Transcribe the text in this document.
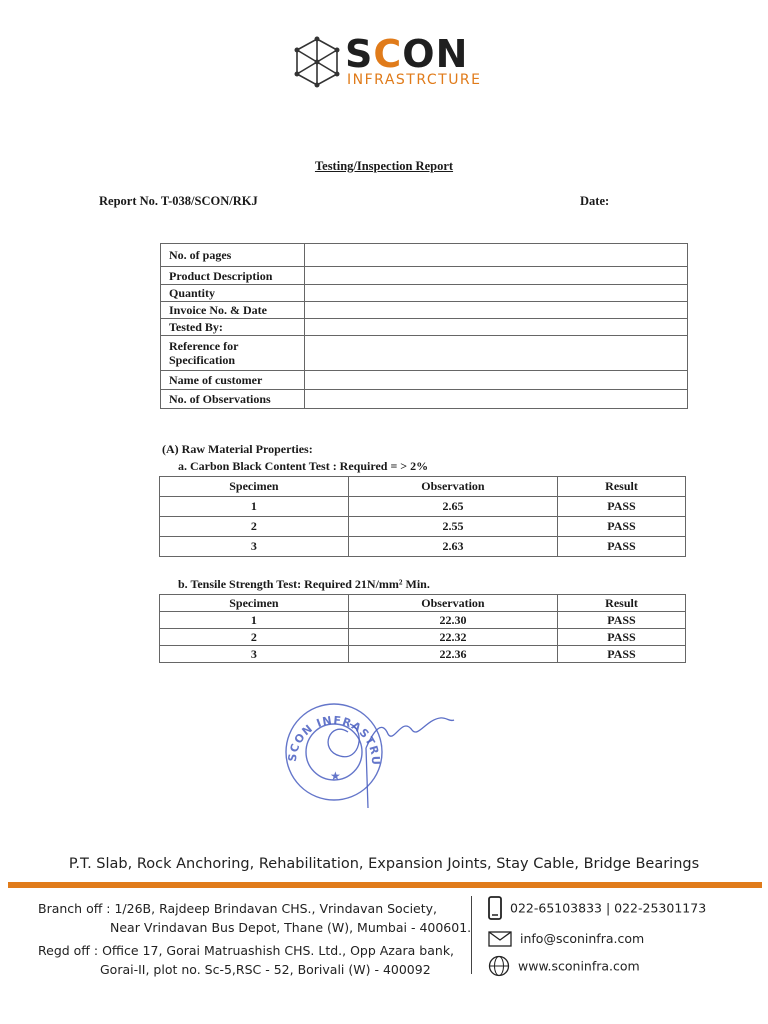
SCON
INFRASTRCTURE
Testing/Inspection Report
Report No. T-038/SCON/RKJ	Date:
No. of pages	
Product Description	
Quantity	
Invoice No. & Date	
Tested By:	
Reference for Specification	
Name of customer	
No. of Observations	
(A) Raw Material Properties:
a. Carbon Black Content Test : Required = > 2%
Specimen	Observation	Result
1	2.65	PASS
2	2.55	PASS
3	2.63	PASS
b. Tensile Strength Test: Required 21N/mm² Min.
Specimen	Observation	Result
1	22.30	PASS
2	22.32	PASS
3	22.36	PASS
SCON INFRASTRU
★
P.T. Slab, Rock Anchoring, Rehabilitation, Expansion Joints, Stay Cable, Bridge Bearings
Branch off : 1/26B, Rajdeep Brindavan CHS., Vrindavan Society,
Near Vrindavan Bus Depot, Thane (W), Mumbai - 400601.
Regd off : Office 17, Gorai Matruashish CHS. Ltd., Opp Azara bank,
Gorai-II, plot no. Sc-5,RSC - 52, Borivali (W) - 400092
022-65103833 | 022-25301173
info@sconinfra.com
www.sconinfra.com
